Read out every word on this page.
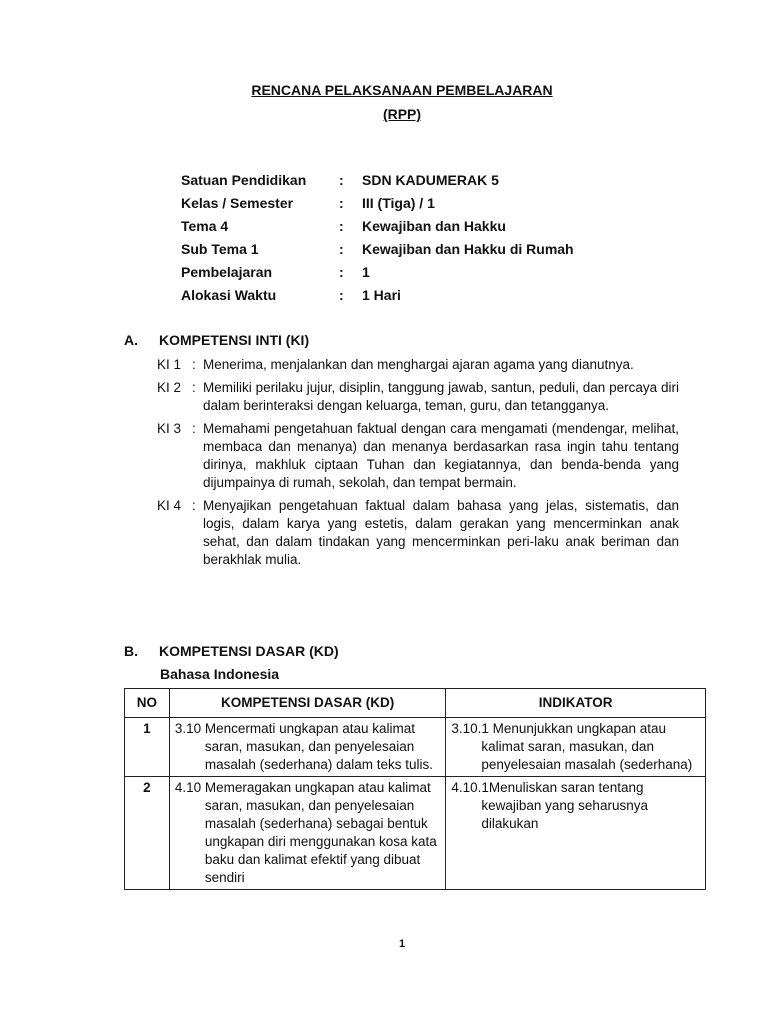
RENCANA PELAKSANAAN PEMBELAJARAN
(RPP)
Satuan Pendidikan : SDN KADUMERAK 5
Kelas / Semester	: III (Tiga) / 1
Tema 4	: Kewajiban dan Hakku
Sub Tema 1	: Kewajiban dan Hakku di Rumah
Pembelajaran	: 1
Alokasi Waktu	: 1 Hari
A. KOMPETENSI INTI (KI)
KI 1 : Menerima, menjalankan dan menghargai ajaran agama yang dianutnya.
KI 2 : Memiliki perilaku jujur, disiplin, tanggung jawab, santun, peduli, dan percaya diri dalam berinteraksi dengan keluarga, teman, guru, dan tetangganya.
KI 3 : Memahami pengetahuan faktual dengan cara mengamati (mendengar, melihat, membaca dan menanya) dan menanya berdasarkan rasa ingin tahu tentang dirinya, makhluk ciptaan Tuhan dan kegiatannya, dan benda-benda yang dijumpainya di rumah, sekolah, dan tempat bermain.
KI 4 : Menyajikan pengetahuan faktual dalam bahasa yang jelas, sistematis, dan logis, dalam karya yang estetis, dalam gerakan yang mencerminkan anak sehat, dan dalam tindakan yang mencerminkan peri-laku anak beriman dan berakhlak mulia.
B. KOMPETENSI DASAR (KD)
Bahasa Indonesia
NO	KOMPETENSI DASAR (KD)	INDIKATOR
1	3.10 Mencermati ungkapan atau kalimat saran, masukan, dan penyelesaian masalah (sederhana) dalam teks tulis.	3.10.1 Menunjukkan ungkapan atau kalimat saran, masukan, dan penyelesaian masalah (sederhana)

2	4.10 Memeragakan ungkapan atau kalimat saran, masukan, dan penyelesaian masalah (sederhana) sebagai bentuk ungkapan diri menggunakan kosa kata baku dan kalimat efektif yang dibuat sendiri	4.10.1Menuliskan saran tentang kewajiban yang seharusnya dilakukan
1
